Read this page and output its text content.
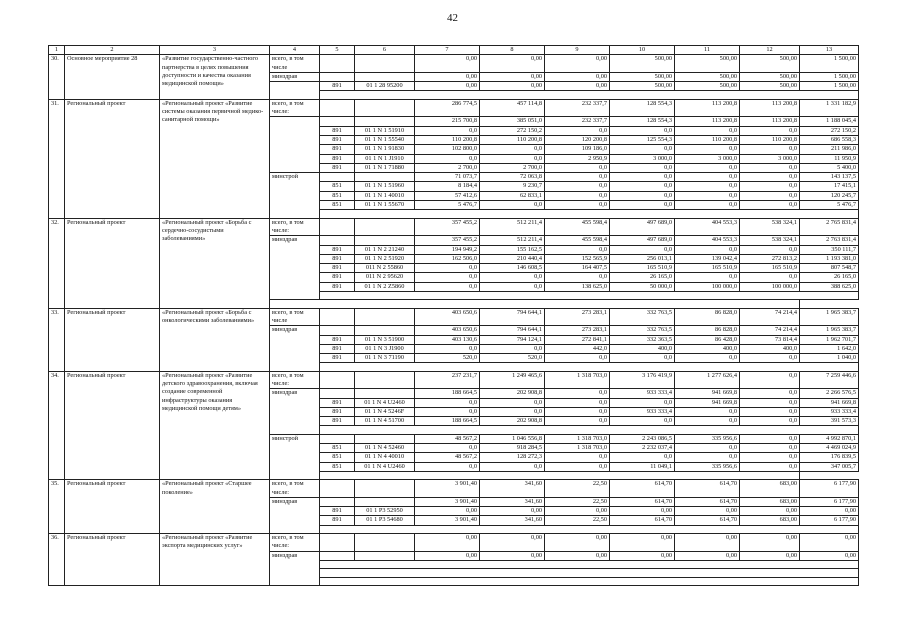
42
1	2	3	4	5	6	7	8	9	10	11	12	13
30.	Основное мероприятие 28	«Развитие государственно-частного партнерства в целях повышения доступности и качества оказания медицинской помощи»	всего, в том числе			0,00	0,00	0,00	500,00	500,00	500,00	1 500,00
			минздрав			0,00	0,00	0,00	500,00	500,00	500,00	1 500,00
				891	01 1 28 95200	0,00	0,00	0,00	500,00	500,00	500,00	1 500,00

31.	Региональный проект	«Региональный проект «Развитие системы оказания первичной медико-санитарной помощи»	всего, в том числе:			286 774,5	457 114,8	232 337,7	128 554,3	113 200,8	113 200,8	1 331 182,9
						215 700,8	385 051,0	232 337,7	128 554,3	113 200,8	113 200,8	1 188 045,4
				891	01 1 N 1 51910	0,0	272 150,2	0,0	0,0	0,0	0,0	272 150,2
				891	01 1 N 1 55540	110 200,8	110 200,8	120 200,8	125 554,3	110 200,8	110 200,8	686 558,3
				891	01 1 N 1 91830	102 800,0	0,0	109 186,0	0,0	0,0	0,0	211 986,0
				891	01 1 N 1 J1910	0,0	0,0	2 950,9	3 000,0	3 000,0	3 000,0	11 950,9
				891	01 1 N 1 71880	2 700,0	2 700,0	0,0	0,0	0,0	0,0	5 400,0
			минстрой			71 073,7	72 063,8	0,0	0,0	0,0	0,0	143 137,5
				851	01 1 N 1 51960	8 184,4	9 230,7	0,0	0,0	0,0	0,0	17 415,1
				851	01 1 N 1 40010	57 412,6	62 833,1	0,0	0,0	0,0	0,0	120 245,7
				851	01 1 N 1 55670	5 476,7	0,0	0,0	0,0	0,0	0,0	5 476,7

32.	Региональный проект	«Региональный проект «Борьба с сердечно-сосудистыми заболеваниями»	всего, в том числе:			357 455,2	512 211,4	455 598,4	497 689,0	404 553,3	538 324,1	2 765 831,4
			минздрав			357 455,2	512 211,4	455 598,4	497 689,0	404 553,3	538 324,1	2 763 831,4
				891	01 1 N 2 21240	194 949,2	155 162,5	0,0	0,0	0,0	0,0	350 111,7
				891	01 1 N 2 51920	162 506,0	210 440,4	152 565,9	256 013,1	139 042,4	272 813,2	1 193 381,0
				891	011 N 2 55860	0,0	146 608,5	164 407,5	165 510,9	165 510,9	165 510,9	807 548,7
				891	011 N 2 95620	0,0	0,0	0,0	26 165,0	0,0	0,0	26 165,0
				891	01 1 N 2 Z5860	0,0	0,0	138 625,0	50 000,0	100 000,0	100 000,0	388 625,0

33.	Региональный проект	«Региональный проект «Борьба с онкологическими заболеваниями»	всего, в том числе			403 650,6	794 644,1	273 283,1	332 763,5	86 828,0	74 214,4	1 965 383,7
			минздрав			403 650,6	794 644,1	273 283,1	332 763,5	86 828,0	74 214,4	1 965 383,7
				891	01 1 N 3 51900	403 130,6	794 124,1	272 841,1	332 363,5	86 428,0	73 814,4	1 962 701,7
				891	01 1 N 3 J1900	0,0	0,0	442,0	400,0	400,0	400,0	1 642,0
				891	01 1 N 3 71190	520,0	520,0	0,0	0,0	0,0	0,0	1 040,0

34.	Региональный проект	«Региональный проект «Развитие детского здравоохранения, включая создание современной инфраструктуры оказания медицинской помощи детям»	всего, в том числе:			237 231,7	1 249 465,6	1 318 703,0	3 176 419,9	1 277 626,4	0,0	7 259 446,6
			минздрав			188 664,5	202 908,8	0,0	933 333,4	941 669,8	0,0	2 266 576,5
				891	01 1 N 4 U2460	0,0	0,0	0,0	0,0	941 669,8	0,0	941 669,8
				891	01 1 N 4 5246F	0,0	0,0	0,0	933 333,4	0,0	0,0	933 333,4
				891	01 1 N 4 51700	188 664,5	202 908,8	0,0	0,0	0,0	0,0	391 573,3

			минстрой			48 567,2	1 046 556,8	1 318 703,0	2 243 086,5	335 956,6	0,0	4 992 870,1
				851	01 1 N 4 52460	0,0	918 284,5	1 318 703,0	2 232 037,4	0,0	0,0	4 469 024,9
				851	01 1 N 4 40010	48 567,2	128 272,3	0,0	0,0	0,0	0,0	176 839,5
				851	01 1 N 4 U2460	0,0	0,0	0,0	11 049,1	335 956,6	0,0	347 005,7

35.	Региональный проект	«Региональный проект «Старшее поколение»	всего, в том числе:			3 901,40	341,60	22,50	614,70	614,70	683,00	6 177,90
			минздрав			3 901,40	341,60	22,50	614,70	614,70	683,00	6 177,90
				891	01 1 P3 52950	0,00	0,00	0,00	0,00	0,00	0,00	0,00
				891	01 1 P3 54680	3 901,40	341,60	22,50	614,70	614,70	683,00	6 177,90

36.	Региональный проект	«Региональный проект «Развитие экспорта медицинских услуг»	всего, в том числе:			0,00	0,00	0,00	0,00	0,00	0,00	0,00
			минздрав			0,00	0,00	0,00	0,00	0,00	0,00	0,00
